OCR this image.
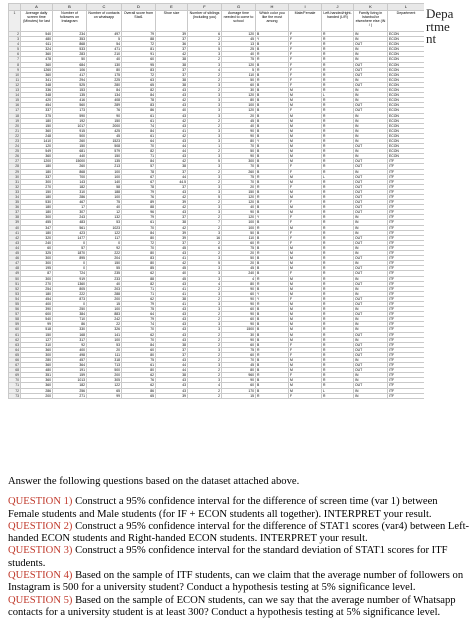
	A	B	C	D	E	F	G	H	I	J	K	L
1	Average daily screen time (Minutes) for last	Number of followers on Instagram	Number of contacts on whatsapp	Overall score from Stat1	Shoe size	Number of siblings (Including you)	Average time needed to come to school	Which color you like the most among	Male/Female	Left-handed/right-handed (L/R)	Family living in Istanbul/or elsewhere else (IN / )	Department
2	540	234	497	79	39	6	120	B	F	R	IN	ECON
3	480	353	5	88	37	2	45	Y	F	R	IN	ECON
4	611	868	54	72	36	3	13	B	F	R	OUT	ECON
5	324	533	471	81	37	5	25	B	F	R	IN	ECON
6	360	283	210	91	42	3	40	R	F	R	IN	ECON
7	478	50	40	60	38	2	75	R	F	R	IN	ECON
8	360	684	130	95	38	3	120	B	F	R	OUT	ECON
9	1260	106	80	83	37	4	5	R	F	R	OUT	ECON
10	360	417	175	72	37	2	110	B	F	R	OUT	ECON
11	341	294	225	63	38	2	50	R	F	R	IN	ECON
12	348	525	280	65	38	3	60	B	F	R	OUT	ECON
13	336	153	84	82	43	2	30	B	M	R	IN	ECON
14	348	135	134	84	43	3	120	B	M	L	IN	ECON
15	420	416	408	78	42	3	80	B	M	R	IN	ECON
16	454	560	289	83	43	3	100	B	M	R	OUT	ECON
17	337	173	76	86	40	3	120	B	F	R	OUT	ECON
18	375	590	90	61	43	3	20	B	M	R	IN	ECON
19	180	192	150	61	42	2	45	B	M	R	IN	ECON
20	150	1017	2000	74	43	2	40	B	M	R	IN	ECON
21	360	915	425	84	41	3	90	B	M	R	IN	ECON
22	248	500	45	61	42	3	90	B	M	R	IN	ECON
23	1410	260	1523	64	43	3	80	Y	M	R	IN	ECON
24	120	150	508	70	44	1	70	B	M	R	OUT	ECON
25	549	681	579	82	44	2	50	B	M	R	IN	ECON
26	360	440	150	71	43	3	90	B	M	R	IN	ECON
27	1200	15000	135	84	42	5	300	B	M	R	OUT	ITF
28	180	260	213	57	38	3	70	B	F	R	OUT	ITF
29	180	868	100	78	37	2	260	B	F	R	IN	ITF
30	337	700	100	67	44	3	75	R	M	L	OUT	ITF
31	300	143	140	67	44.5	2	70	B	M	R	OUT	ITF
32	270	182	58	78	37	3	20	R	F	R	OUT	ITF
33	150	310	188	79	43	3	150	B	M	R	OUT	ITF
34	180	286	100	76	42	5	120	R	M	R	OUT	ITF
35	530	467	75	89	39	2	120	B	F	R	OUT	ITF
36	180	17	40	88	42	3	40	B	M	R	OUT	ITF
37	180	307	12	96	43	3	90	B	M	R	OUT	ITF
38	300	243	132	79	37	2	120	Y	F	R	IN	ITF
39	455	483	53	61	38	7	100	B	F	R	IN	ITF
40	347	561	1023	70	42	2	100	R	M	R	IN	ITF
41	180	423	122	84	39	3	50	B	F	R	IN	ITF
42	320	1477	117	80	39	16	110	B	F	R	OUT	ITF
43	240	0	0	72	37	2	60	R	F	R	OUT	ITF
44	60	57	92	70	45	6	75	B	M	R	IN	ITF
45	325	1870	222	80	43	2	20	R	M	R	IN	ITF
46	300	895	204	83	41	3	50	B	M	R	OUT	ITF
47	300	0	150	80	42	5	20	B	M	R	IN	ITF
48	195	0	55	85	45	3	45	B	M	R	OUT	ITF
49	87	724	235	62	40	3	240	B	F	R	OUT	ITF
50	300	919	233	88	45	3	4	R	M	R	IN	ITF
51	270	1360	40	82	43	4	80	R	M	R	OUT	ITF
52	254	805	203	71	41	2	90	B	M	R	IN	ITF
53	180	222	288	71	41	3	60	Y	M	R	IN	ITF
54	454	873	200	62	38	2	90	Y	F	R	OUT	ITF
55	400	0	15	79	41	3	90	R	M	R	OUT	ITF
56	390	250	100	75	43	3	60	B	M	R	IN	ITF
57	600	384	883	64	43	2	90	B	M	R	OUT	ITF
58	540	710	242	79	43	2	60	B	M	R	IN	ITF
59	99	86	22	74	43	3	90	B	M	R	IN	ITF
60	518	330	326	70	43	3	1500	B	M	R	IN	ITF
61	150	168	141	62	43	2	30	B	M	R	OUT	ITF
62	127	317	100	70	43	2	90	B	M	R	IN	ITF
63	310	92	53	84	38	2	60	B	F	R	OUT	ITF
64	360	400	20	60	37	3	75	R	F	R	OUT	ITF
65	300	498	111	80	37	2	60	R	F	R	OUT	ITF
66	280	457	318	75	43	2	70	B	M	R	IN	ITF
67	360	364	713	61	44	3	45	B	M	R	OUT	ITF
68	480	191	500	80	44	2	80	B	M	R	OUT	ITF
69	351	159	200	62	38	2	960	R	F	R	IN	ITF
70	360	1013	305	76	43	3	90	B	M	R	IN	ITF
71	360	182	122	62	43	4	60	B	M	R	OUT	ITF
72	286	256	65	86	43	2	170	B	M	L	IN	ITF
73	200	271	99	65	39	2	15	R	F	R	IN	ITF
Depa
rtme
nt

Answer the following questions based on the dataset attached above.

QUESTION 1) Construct a 95% confidence interval for the difference of screen time (var 1) between Female students and Male students (for IF + ECON students all together). INTERPRET your result.

QUESTION 2) Construct a 95% confidence interval for the difference of STAT1 scores (var4) between Left-handed ECON students and Right-handed ECON students. INTERPRET your result.

QUESTION 3) Construct a 95% confidence interval for the standard deviation of STAT1 scores for ITF students.

QUESTION 4) Based on the sample of ITF students, can we claim that the average number of followers on Instagram is 500 for a university student? Conduct a hypothesis testing at 5% significance level.

QUESTION 5) Based on the sample of ECON students, can we say that the average number of Whatsapp contacts for a university student is at least 300? Conduct a hypothesis testing at 5% significance level.
